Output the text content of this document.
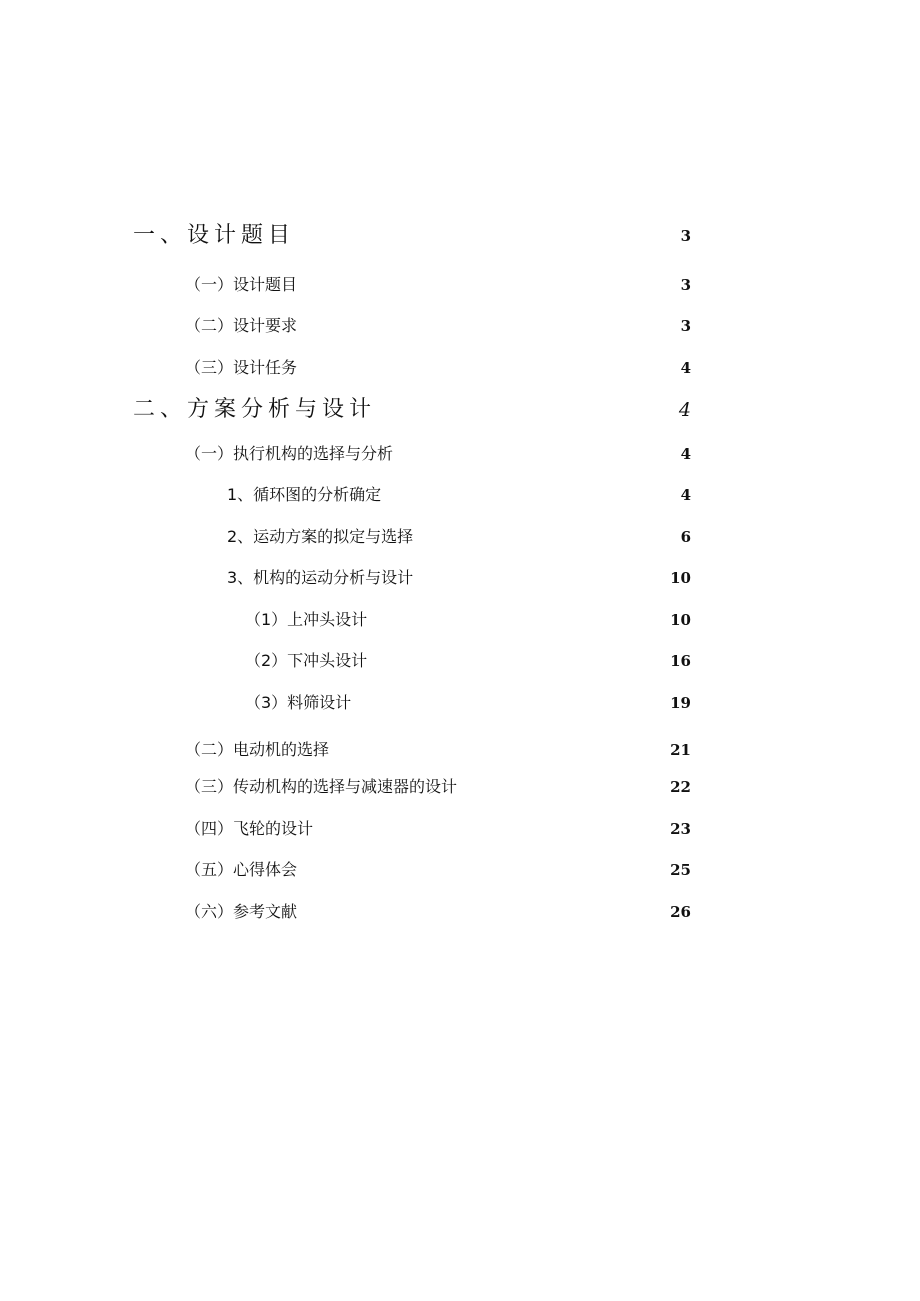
一、设计题目	3
（一）设计题目	3
（二）设计要求	3
（三）设计任务	4
二、方案分析与设计	4
（一）执行机构的选择与分析	4
1、循环图的分析确定	4
2、运动方案的拟定与选择	6
3、机构的运动分析与设计	10
（1）上冲头设计	10
（2）下冲头设计	16
（3）料筛设计	19
（二）电动机的选择	21
（三）传动机构的选择与减速器的设计	22
（四）飞轮的设计	23
（五）心得体会	25
（六）参考文献	26
